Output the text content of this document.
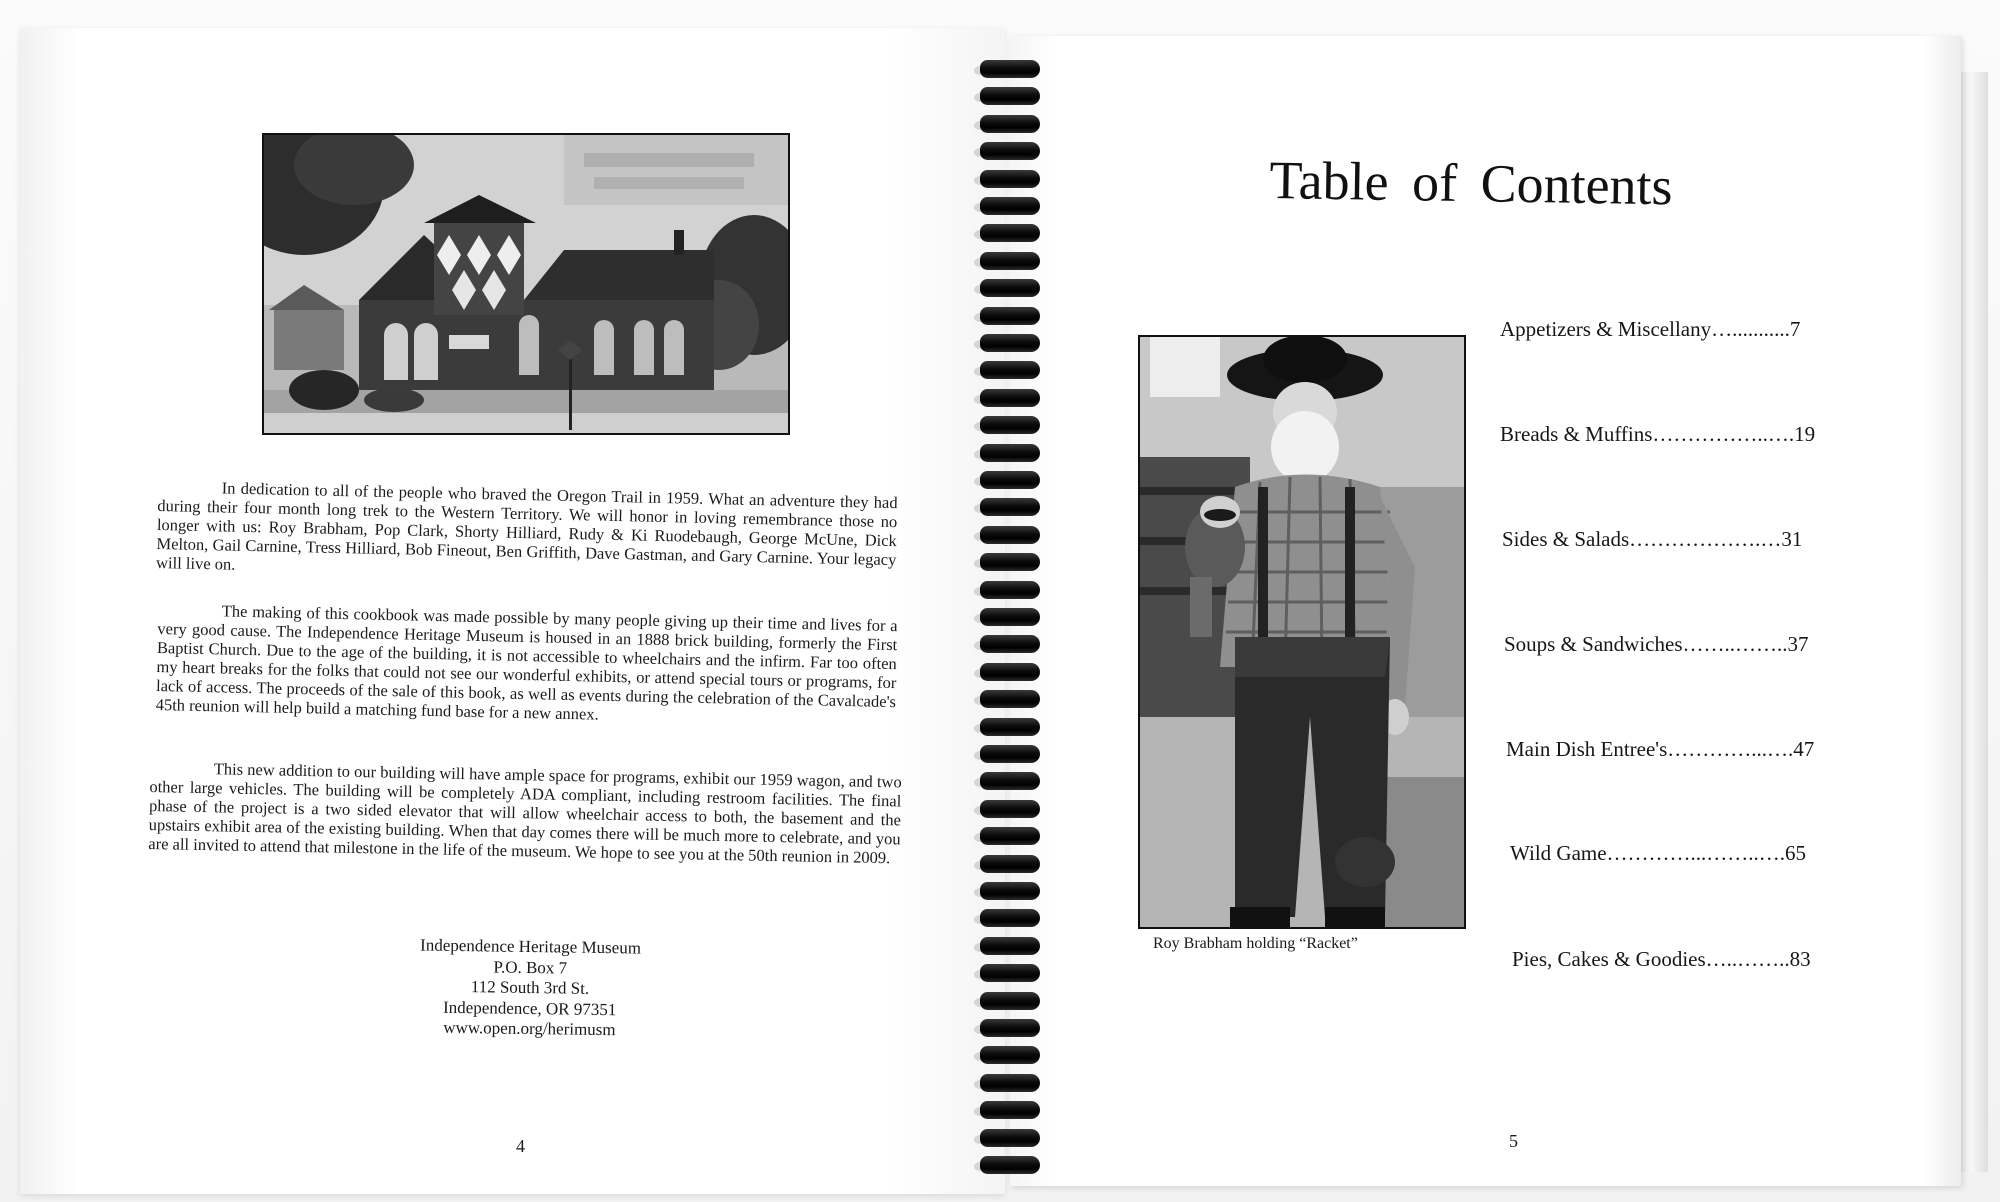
In dedication to all of the people who braved the Oregon Trail in 1959. What an adventure they had during their four month long trek to the Western Territory. We will honor in loving remembrance those no longer with us: Roy Brabham, Pop Clark, Shorty Hilliard, Rudy & Ki Ruodebaugh, George McUne, Dick Melton, Gail Carnine, Tress Hilliard, Bob Fineout, Ben Griffith, Dave Gastman, and Gary Carnine. Your legacy will live on.

The making of this cookbook was made possible by many people giving up their time and lives for a very good cause. The Independence Heritage Museum is housed in an 1888 brick building, formerly the First Baptist Church. Due to the age of the building, it is not accessible to wheelchairs and the infirm. Far too often my heart breaks for the folks that could not see our wonderful exhibits, or attend special tours or programs, for lack of access. The proceeds of the sale of this book, as well as events during the celebration of the Cavalcade's 45th reunion will help build a matching fund base for a new annex.

This new addition to our building will have ample space for programs, exhibit our 1959 wagon, and two other large vehicles. The building will be completely ADA compliant, including restroom facilities. The final phase of the project is a two sided elevator that will allow wheelchair access to both, the basement and the upstairs exhibit area of the existing building. When that day comes there will be much more to celebrate, and you are all invited to attend that milestone in the life of the museum. We hope to see you at the 50th reunion in 2009.

Independence Heritage Museum
P.O. Box 7
112 South 3rd St.
Independence, OR 97351
www.open.org/herimusm
4
Table of Contents
Roy Brabham holding “Racket”
Appetizers & Miscellany…...........7
Breads & Muffins……………..….19
Sides & Salads……………….…31
Soups & Sandwiches……..……..37
Main Dish Entree's…………...….47
Wild Game…………...……..….65
Pies, Cakes & Goodies…..……..83
5
